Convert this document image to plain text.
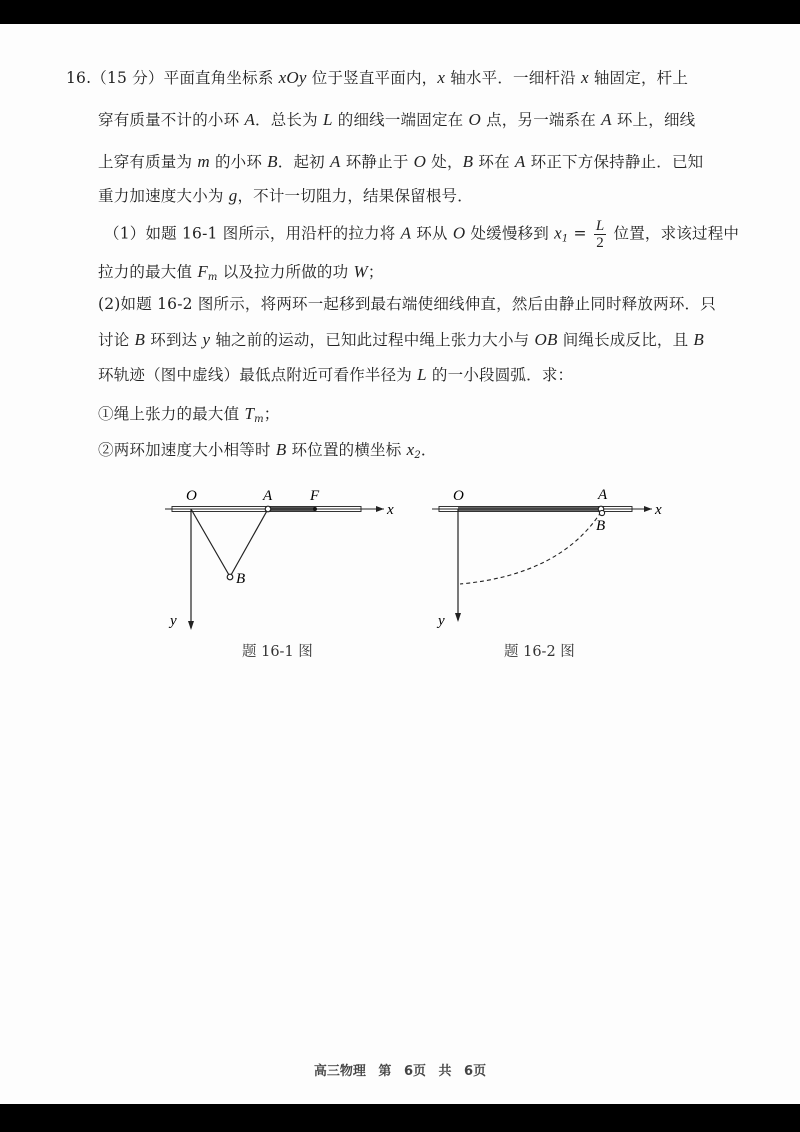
16.（15 分）平面直角坐标系 xOy 位于竖直平面内，x 轴水平．一细杆沿 x 轴固定，杆上
穿有质量不计的小环 A．总长为 L 的细线一端固定在 O 点，另一端系在 A 环上，细线
上穿有质量为 m 的小环 B．起初 A 环静止于 O 处，B 环在 A 环正下方保持静止．已知
重力加速度大小为 g，不计一切阻力，结果保留根号．
（1）如题 16-1 图所示，用沿杆的拉力将 A 环从 O 处缓慢移到 $x_1 = \frac{L}{2}$ 位置，求该过程中
拉力的最大值 $F_m$ 以及拉力所做的功 W；
(2)如题 16-2 图所示，将两环一起移到最右端使细线伸直，然后由静止同时释放两环．只
讨论 B 环到达 y 轴之前的运动，已知此过程中绳上张力大小与 OB 间绳长成反比，且 B
环轨迹（图中虚线）最低点附近可看作半径为 L 的一小段圆弧．求：
①绳上张力的最大值 $T_m$；
②两环加速度大小相等时 B 环位置的横坐标 $x_2$．
O	A	F
x
B
y
题 16-1 图
O	A
B
x
y
题 16-2 图
高三物理 第 6页 共 6页
